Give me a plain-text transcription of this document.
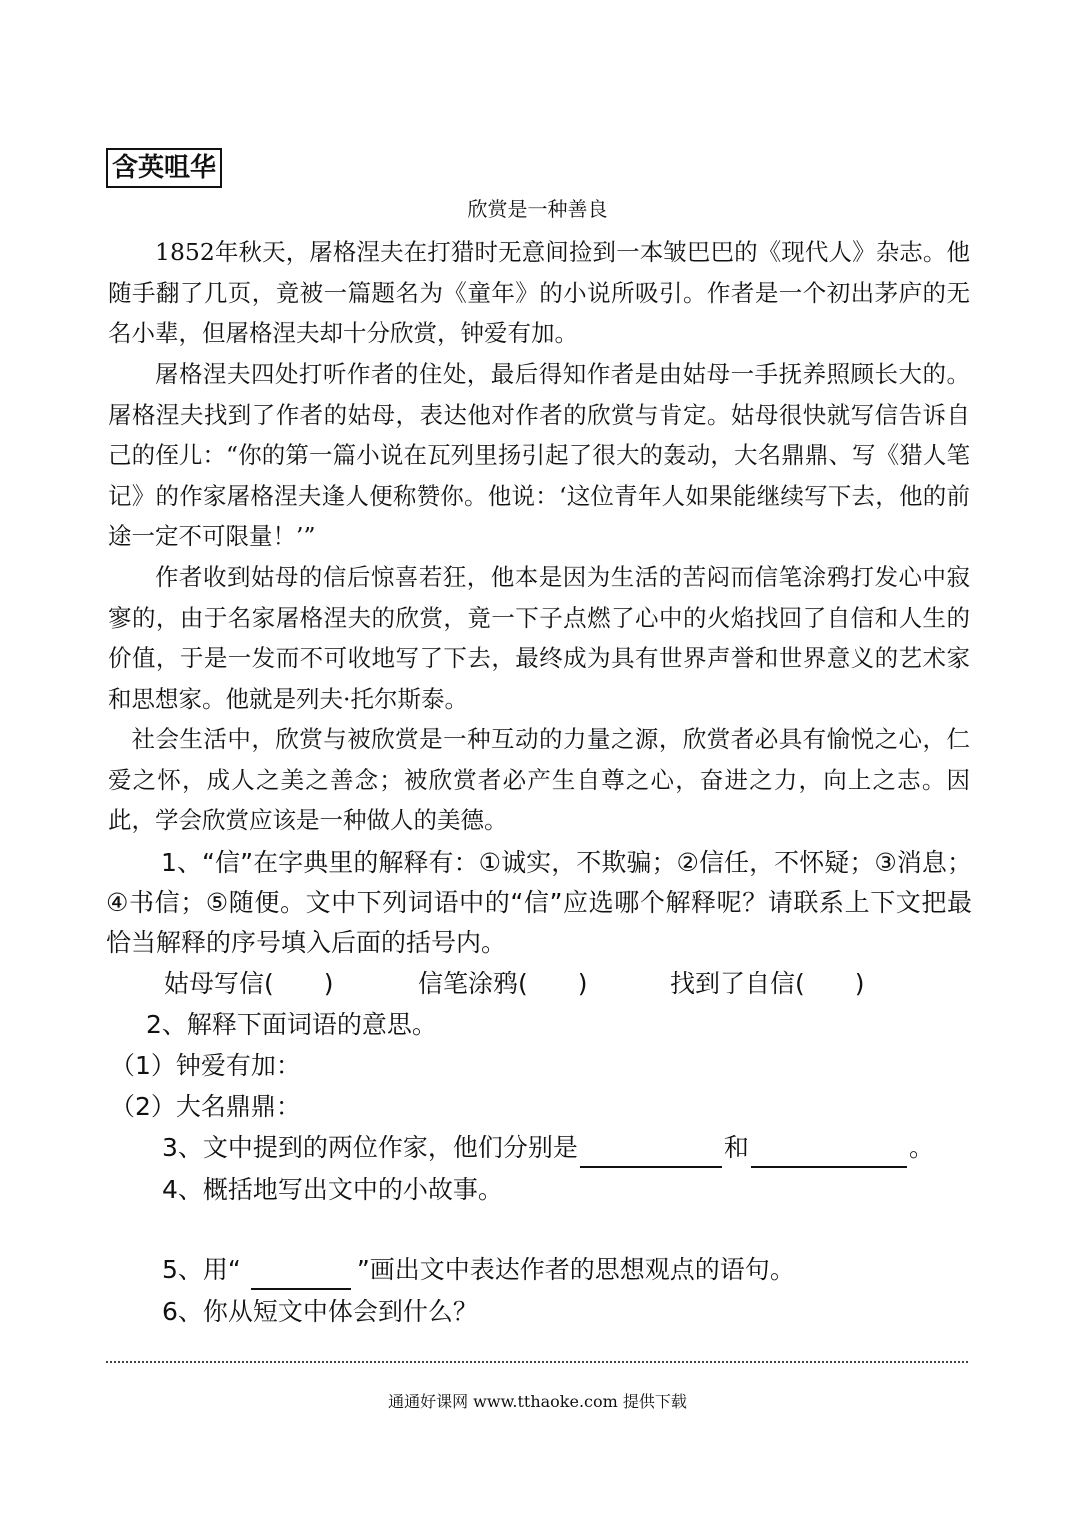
含英咀华
欣赏是一种善良

1852年秋天，屠格涅夫在打猎时无意间捡到一本皱巴巴的《现代人》杂志。他随手翻了几页，竟被一篇题名为《童年》的小说所吸引。作者是一个初出茅庐的无名小辈，但屠格涅夫却十分欣赏，钟爱有加。

屠格涅夫四处打听作者的住处，最后得知作者是由姑母一手抚养照顾长大的。屠格涅夫找到了作者的姑母，表达他对作者的欣赏与肯定。姑母很快就写信告诉自己的侄儿：“你的第一篇小说在瓦列里扬引起了很大的轰动，大名鼎鼎、写《猎人笔记》的作家屠格涅夫逢人便称赞你。他说：‘这位青年人如果能继续写下去，他的前途一定不可限量！’”

作者收到姑母的信后惊喜若狂，他本是因为生活的苦闷而信笔涂鸦打发心中寂寥的，由于名家屠格涅夫的欣赏，竟一下子点燃了心中的火焰找回了自信和人生的价值，于是一发而不可收地写了下去，最终成为具有世界声誉和世界意义的艺术家和思想家。他就是列夫·托尔斯泰。

社会生活中，欣赏与被欣赏是一种互动的力量之源，欣赏者必具有愉悦之心，仁爱之怀，成人之美之善念；被欣赏者必产生自尊之心，奋进之力，向上之志。因此，学会欣赏应该是一种做人的美德。

1、“信”在字典里的解释有：①诚实，不欺骗；②信任，不怀疑；③消息；④书信；⑤随便。文中下列词语中的“信”应选哪个解释呢？请联系上下文把最恰当解释的序号填入后面的括号内。

姑母写信(　　)	信笔涂鸦(　　)	找到了自信(　　)
2、解释下面词语的意思。
（1）钟爱有加：
（2）大名鼎鼎：
3、文中提到的两位作家，他们分别是	和	。
4、概括地写出文中的小故事。
5、用“	”画出文中表达作者的思想观点的语句。
6、你从短文中体会到什么？
通通好课网 www.tthaoke.com 提供下载
